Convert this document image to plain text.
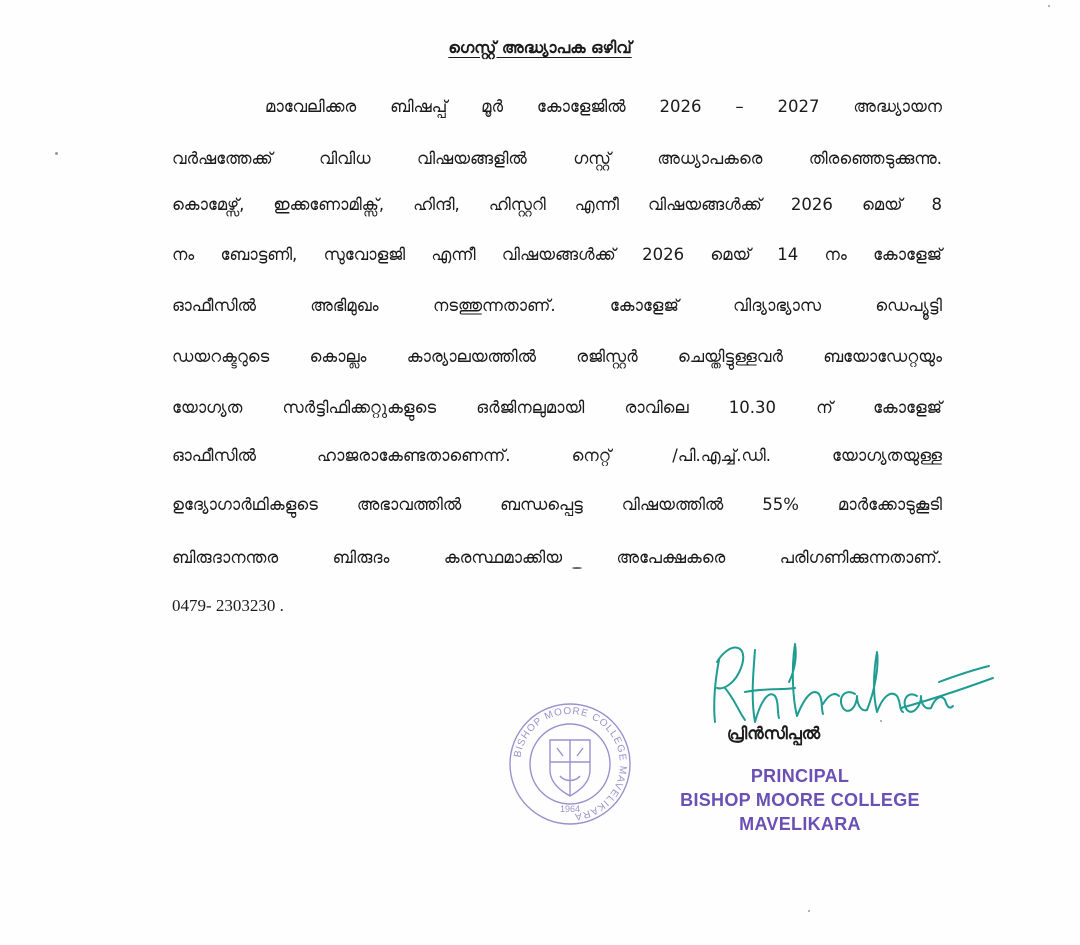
ഗെസ്റ്റ് അദ്ധ്യാപക ഒഴിവ്
മാവേലിക്കര ബിഷപ്പ് മൂർ കോളേജിൽ 2026 – 2027 അദ്ധ്യായന
വർഷത്തേക്ക് വിവിധ വിഷയങ്ങളിൽ ഗസ്റ്റ് അധ്യാപകരെ തിരഞ്ഞെടുക്കുന്നു.
കൊമേഴ്സ്, ഇക്കണോമിക്സ്, ഹിന്ദി, ഹിസ്റ്ററി എന്നീ വിഷയങ്ങൾക്ക് 2026 മെയ് 8
നം ബോട്ടണി, സുവോളജി എന്നീ വിഷയങ്ങൾക്ക് 2026 മെയ് 14 നം കോളേജ്
ഓഫീസിൽ അഭിമുഖം നടത്തുന്നതാണ്. കോളേജ് വിദ്യാഭ്യാസ ഡെപ്യൂട്ടി
ഡയറക്ടറുടെ കൊല്ലം കാര്യാലയത്തിൽ രജിസ്റ്റർ ചെയ്തിട്ടുള്ളവർ ബയോഡേറ്റയും
യോഗ്യത സർട്ടിഫിക്കറ്റുകളുടെ ഒർജിനലുമായി രാവിലെ 10.30 ന് കോളേജ്
ഓഫീസിൽ ഹാജരാകേണ്ടതാണെന്ന്. നെറ്റ് /പി.എച്ച്.ഡി. യോഗ്യതയുള്ള
ഉദ്യോഗാർഥികളുടെ അഭാവത്തിൽ ബന്ധപ്പെട്ട വിഷയത്തിൽ 55% മാർക്കോടുകൂടി
ബിരുദാനന്തര ബിരുദം കരസ്ഥമാക്കിയ അപേക്ഷകരെ പരിഗണിക്കുന്നതാണ്.
0479- 2303230 .
പ്രിൻസിപ്പൽ
BISHOP MOORE COLLEGE MAVELIKARA
1964
PRINCIPAL
BISHOP MOORE COLLEGE
MAVELIKARA
